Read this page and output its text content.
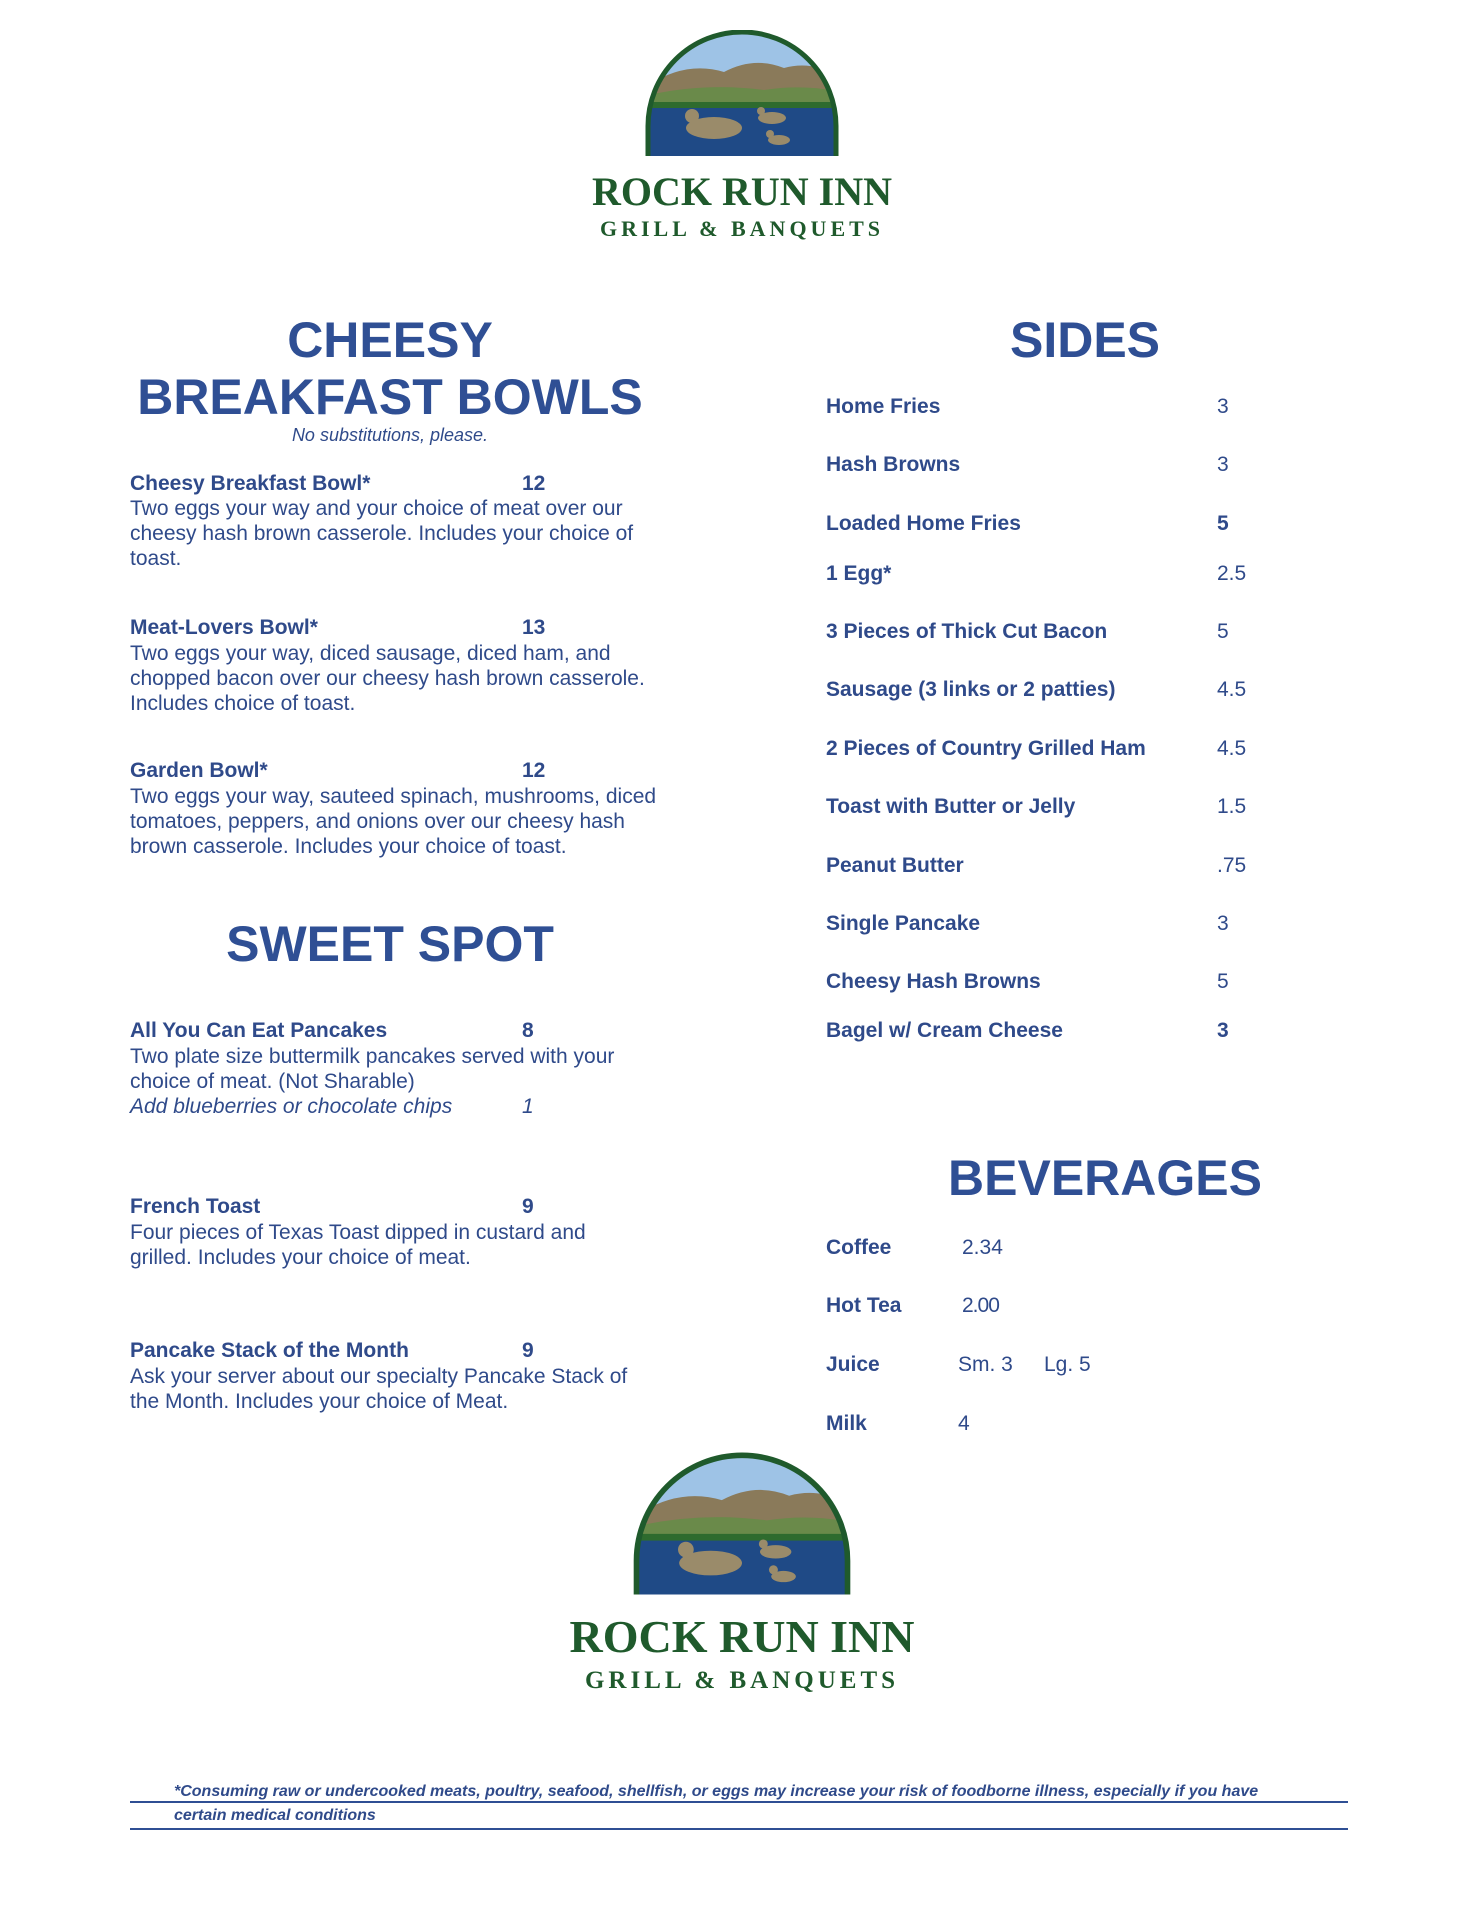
ROCK RUN INN
GRILL & BANQUETS
CHEESY BREAKFAST BOWLS
No substitutions, please.
Cheesy Breakfast Bowl*	12
Two eggs your way and your choice of meat over our cheesy hash brown casserole. Includes your choice of toast.
Meat-Lovers Bowl*	13
Two eggs your way, diced sausage, diced ham, and chopped bacon over our cheesy hash brown casserole. Includes choice of toast.
Garden Bowl*	12
Two eggs your way, sauteed spinach, mushrooms, diced tomatoes, peppers, and onions over our cheesy hash brown casserole. Includes your choice of toast.
SWEET SPOT
All You Can Eat Pancakes	8
Two plate size buttermilk pancakes served with your choice of meat. (Not Sharable)
Add blueberries or chocolate chips	1
French Toast	9
Four pieces of Texas Toast dipped in custard and grilled. Includes your choice of meat.
Pancake Stack of the Month	9
Ask your server about our specialty Pancake Stack of the Month. Includes your choice of Meat.
SIDES
Home Fries	3
Hash Browns	3
Loaded Home Fries	5
1 Egg*	2.5
3 Pieces of Thick Cut Bacon	5
Sausage (3 links or 2 patties)	4.5
2 Pieces of Country Grilled Ham	4.5
Toast with Butter or Jelly	1.5
Peanut Butter	.75
Single Pancake	3
Cheesy Hash Browns	5
Bagel w/ Cream Cheese	3
BEVERAGES
Coffee	2.34
Hot Tea	2.00
Juice	Sm. 3 Lg. 5
Milk	4
ROCK RUN INN
GRILL & BANQUETS
*Consuming raw or undercooked meats, poultry, seafood, shellfish, or eggs may increase your risk of foodborne illness, especially if you have certain medical conditions
